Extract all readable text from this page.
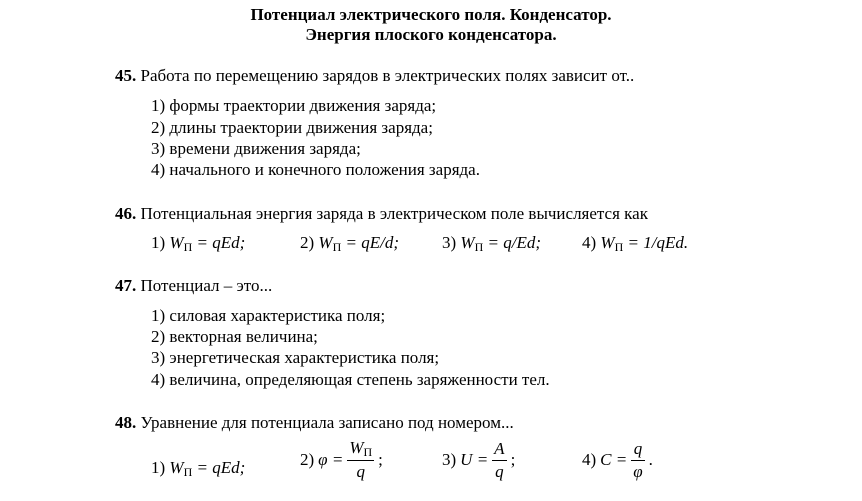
Потенциал электрического поля. Конденсатор.
Энергия плоского конденсатора.
45. Работа по перемещению зарядов в электрических полях зависит от..
1) формы траектории движения заряда;
2) длины траектории движения заряда;
3) времени движения заряда;
4) начального и конечного положения заряда.
46. Потенциальная энергия заряда в электрическом поле вычисляется как
1) WП = qEd;	2) WП = qE/d;	3) WП = q/Ed; 4) WП = 1/qEd.
47. Потенциал – это...
1) силовая характеристика поля;
2) векторная величина;
3) энергетическая характеристика поля;
4) величина, определяющая степень заряженности тел.
48. Уравнение для потенциала записано под номером...
1) WП = qEd;	2) $\varphi = \frac{WП}{q}$ ;	3) $U = \frac{A}{q}$ ;	4) $C = \frac{q}{\varphi}$ .
